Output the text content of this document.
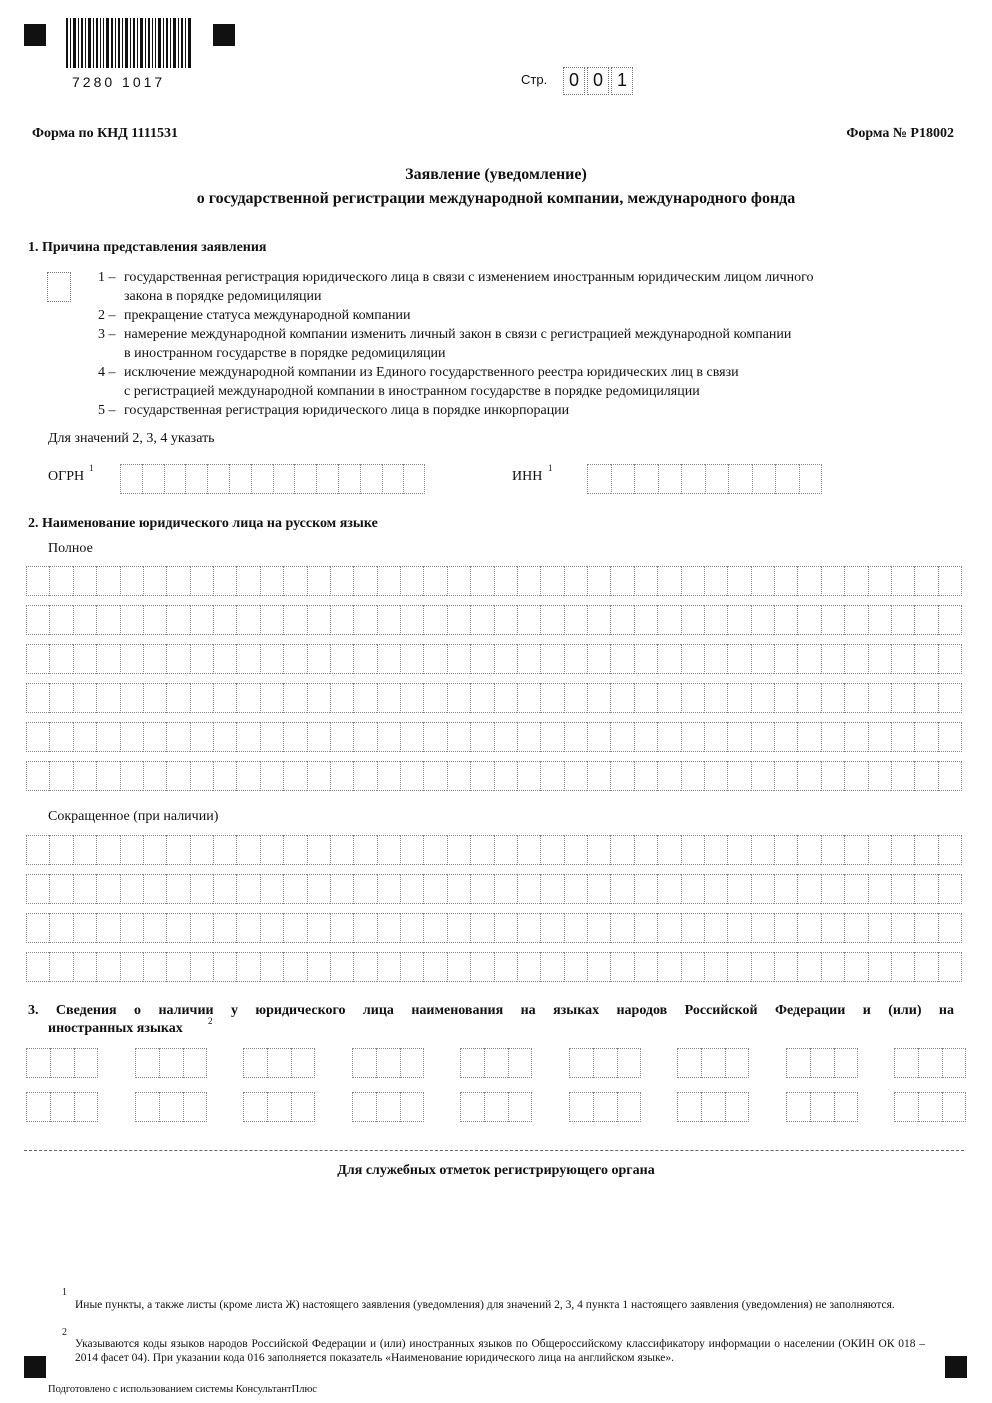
7280 1017	Стр. 0 0 1
Форма по КНД 1111531	Форма № Р18002
Заявление (уведомление)
о государственной регистрации международной компании, международного фонда
1. Причина представления заявления
1 – государственная регистрация юридического лица в связи с изменением иностранным юридическим лицом личного
закона в порядке редомициляции
2 – прекращение статуса международной компании
3 – намерение международной компании изменить личный закон в связи с регистрацией международной компании
в иностранном государстве в порядке редомициляции
4 – исключение международной компании из Единого государственного реестра юридических лиц в связи
с регистрацией международной компании в иностранном государстве в порядке редомициляции
5 – государственная регистрация юридического лица в порядке инкорпорации
Для значений 2, 3, 4 указать
ОГРН
1
ИНН
1
2. Наименование юридического лица на русском языке
Полное
Сокращенное (при наличии)
3. Сведения о наличии у юридического лица наименования на языках народов Российской Федерации и (или) на
иностранных языках	2
Для служебных отметок регистрирующего органа
1
Иные пункты, а также листы (кроме листа Ж) настоящего заявления (уведомления) для значений 2, 3, 4 пункта 1 настоящего заявления (уведомления) не заполняются.
2
Указываются коды языков народов Российской Федерации и (или) иностранных языков по Общероссийскому классификатору информации о населении (ОКИН ОК 018 – 2014 фасет 04). При указании кода 016 заполняется показатель «Наименование юридического лица на английском языке».
Подготовлено с использованием системы КонсультантПлюс
